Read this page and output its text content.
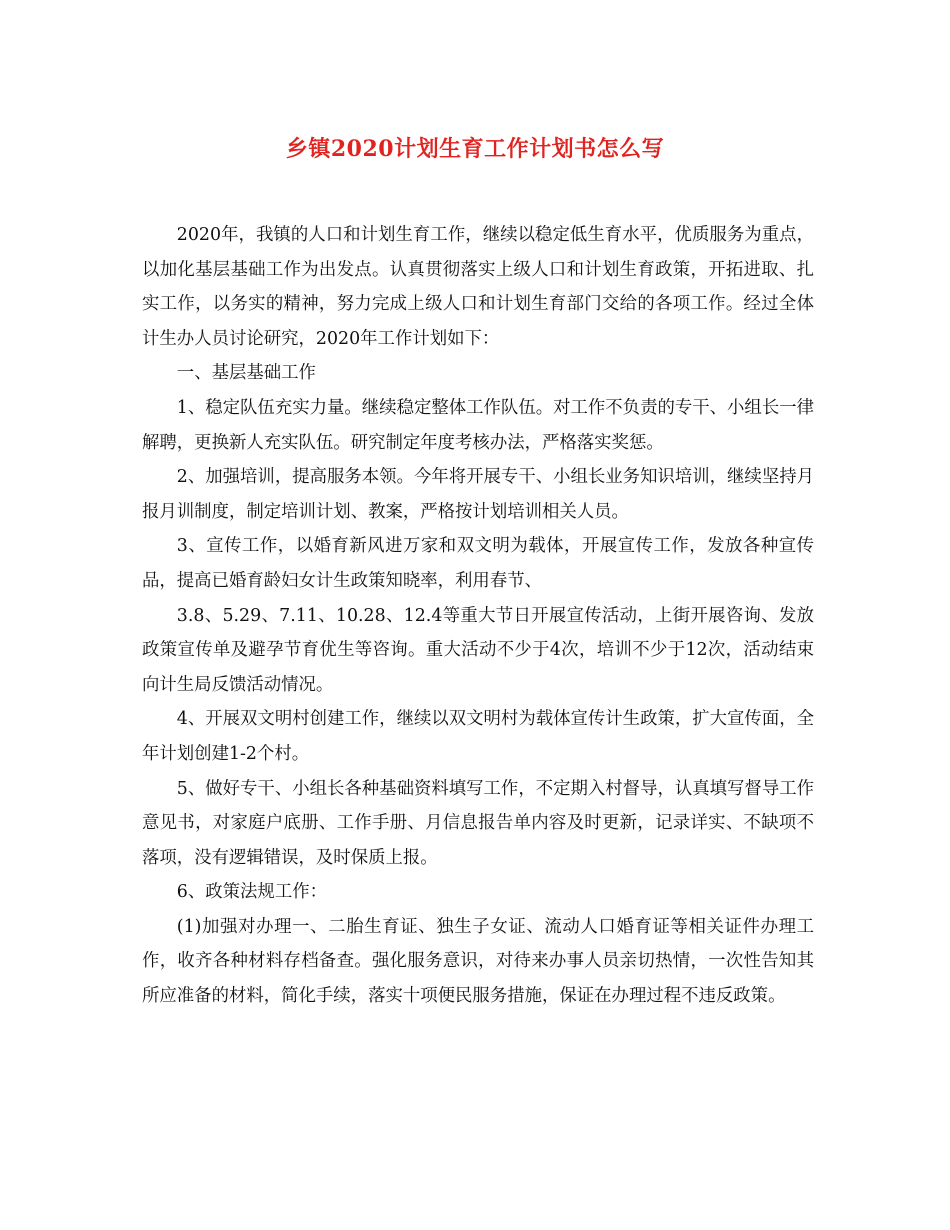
乡镇2020计划生育工作计划书怎么写

2020年，我镇的人口和计划生育工作，继续以稳定低生育水平，优质服务为重点，以加化基层基础工作为出发点。认真贯彻落实上级人口和计划生育政策，开拓进取、扎实工作，以务实的精神，努力完成上级人口和计划生育部门交给的各项工作。经过全体计生办人员讨论研究，2020年工作计划如下：

一、基层基础工作

1、稳定队伍充实力量。继续稳定整体工作队伍。对工作不负责的专干、小组长一律解聘，更换新人充实队伍。研究制定年度考核办法，严格落实奖惩。

2、加强培训，提高服务本领。今年将开展专干、小组长业务知识培训，继续坚持月报月训制度，制定培训计划、教案，严格按计划培训相关人员。

3、宣传工作，以婚育新风进万家和双文明为载体，开展宣传工作，发放各种宣传品，提高已婚育龄妇女计生政策知晓率，利用春节、

3.8、5.29、7.11、10.28、12.4等重大节日开展宣传活动，上街开展咨询、发放政策宣传单及避孕节育优生等咨询。重大活动不少于4次，培训不少于12次，活动结束向计生局反馈活动情况。

4、开展双文明村创建工作，继续以双文明村为载体宣传计生政策，扩大宣传面，全年计划创建1-2个村。

5、做好专干、小组长各种基础资料填写工作，不定期入村督导，认真填写督导工作意见书，对家庭户底册、工作手册、月信息报告单内容及时更新，记录详实、不缺项不落项，没有逻辑错误，及时保质上报。

6、政策法规工作：

(1)加强对办理一、二胎生育证、独生子女证、流动人口婚育证等相关证件办理工作，收齐各种材料存档备查。强化服务意识，对待来办事人员亲切热情，一次性告知其所应准备的材料，简化手续，落实十项便民服务措施，保证在办理过程不违反政策。
